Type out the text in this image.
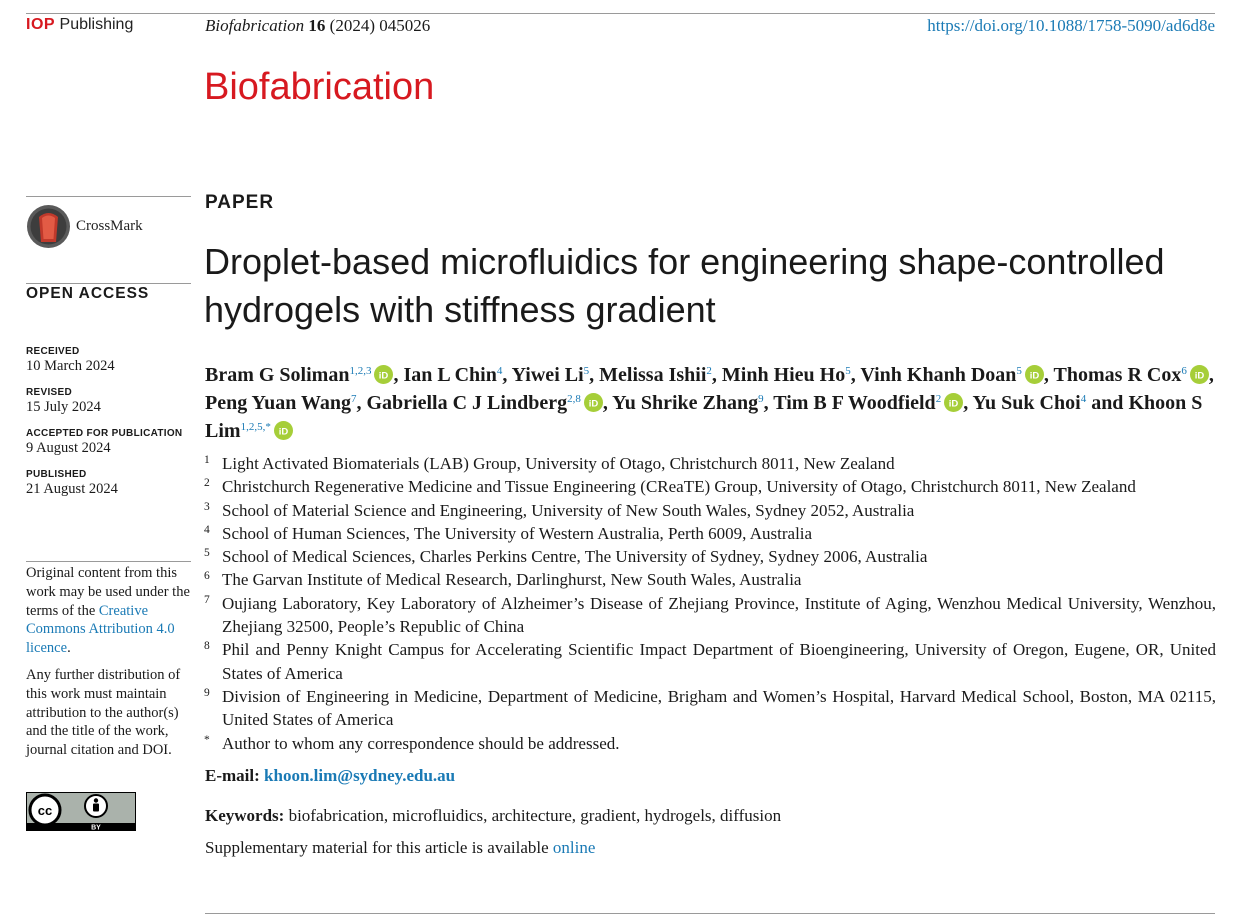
IOP Publishing	Biofabrication 16 (2024) 045026	https://doi.org/10.1088/1758-5090/ad6d8e
Biofabrication
CrossMark
OPEN ACCESS
RECEIVED
10 March 2024
REVISED
15 July 2024
ACCEPTED FOR PUBLICATION
9 August 2024
PUBLISHED
21 August 2024

Original content from this work may be used under the terms of the Creative Commons Attribution 4.0 licence.

Any further distribution of this work must maintain attribution to the author(s) and the title of the work, journal citation and DOI.

cc
BY
PAPER
Droplet-based microfluidics for engineering shape-controlled hydrogels with stiffness gradient
Bram G Soliman$^{1,2,3}$ iD , Ian L Chin$^4$, Yiwei Li$^5$, Melissa Ishii$^2$, Minh Hieu Ho$^5$, Vinh Khanh Doan$^5$ iD , Thomas R Cox$^6$ iD , Peng Yuan Wang$^7$, Gabriella C J Lindberg$^{2,8}$ iD , Yu Shrike Zhang$^9$, Tim B F Woodfield$^2$ iD , Yu Suk Choi$^4$ and Khoon S Lim$^{1,2,5,*}$ iD
1 Light Activated Biomaterials (LAB) Group, University of Otago, Christchurch 8011, New Zealand
2 Christchurch Regenerative Medicine and Tissue Engineering (CReaTE) Group, University of Otago, Christchurch 8011, New Zealand
3 School of Material Science and Engineering, University of New South Wales, Sydney 2052, Australia
4 School of Human Sciences, The University of Western Australia, Perth 6009, Australia
5 School of Medical Sciences, Charles Perkins Centre, The University of Sydney, Sydney 2006, Australia
6 The Garvan Institute of Medical Research, Darlinghurst, New South Wales, Australia
7 Oujiang Laboratory, Key Laboratory of Alzheimer’s Disease of Zhejiang Province, Institute of Aging, Wenzhou Medical University, Wenzhou, Zhejiang 32500, People’s Republic of China
8 Phil and Penny Knight Campus for Accelerating Scientific Impact Department of Bioengineering, University of Oregon, Eugene, OR, United States of America
9 Division of Engineering in Medicine, Department of Medicine, Brigham and Women’s Hospital, Harvard Medical School, Boston, MA 02115, United States of America
* Author to whom any correspondence should be addressed.
E-mail: khoon.lim@sydney.edu.au
Keywords: biofabrication, microfluidics, architecture, gradient, hydrogels, diffusion
Supplementary material for this article is available online
